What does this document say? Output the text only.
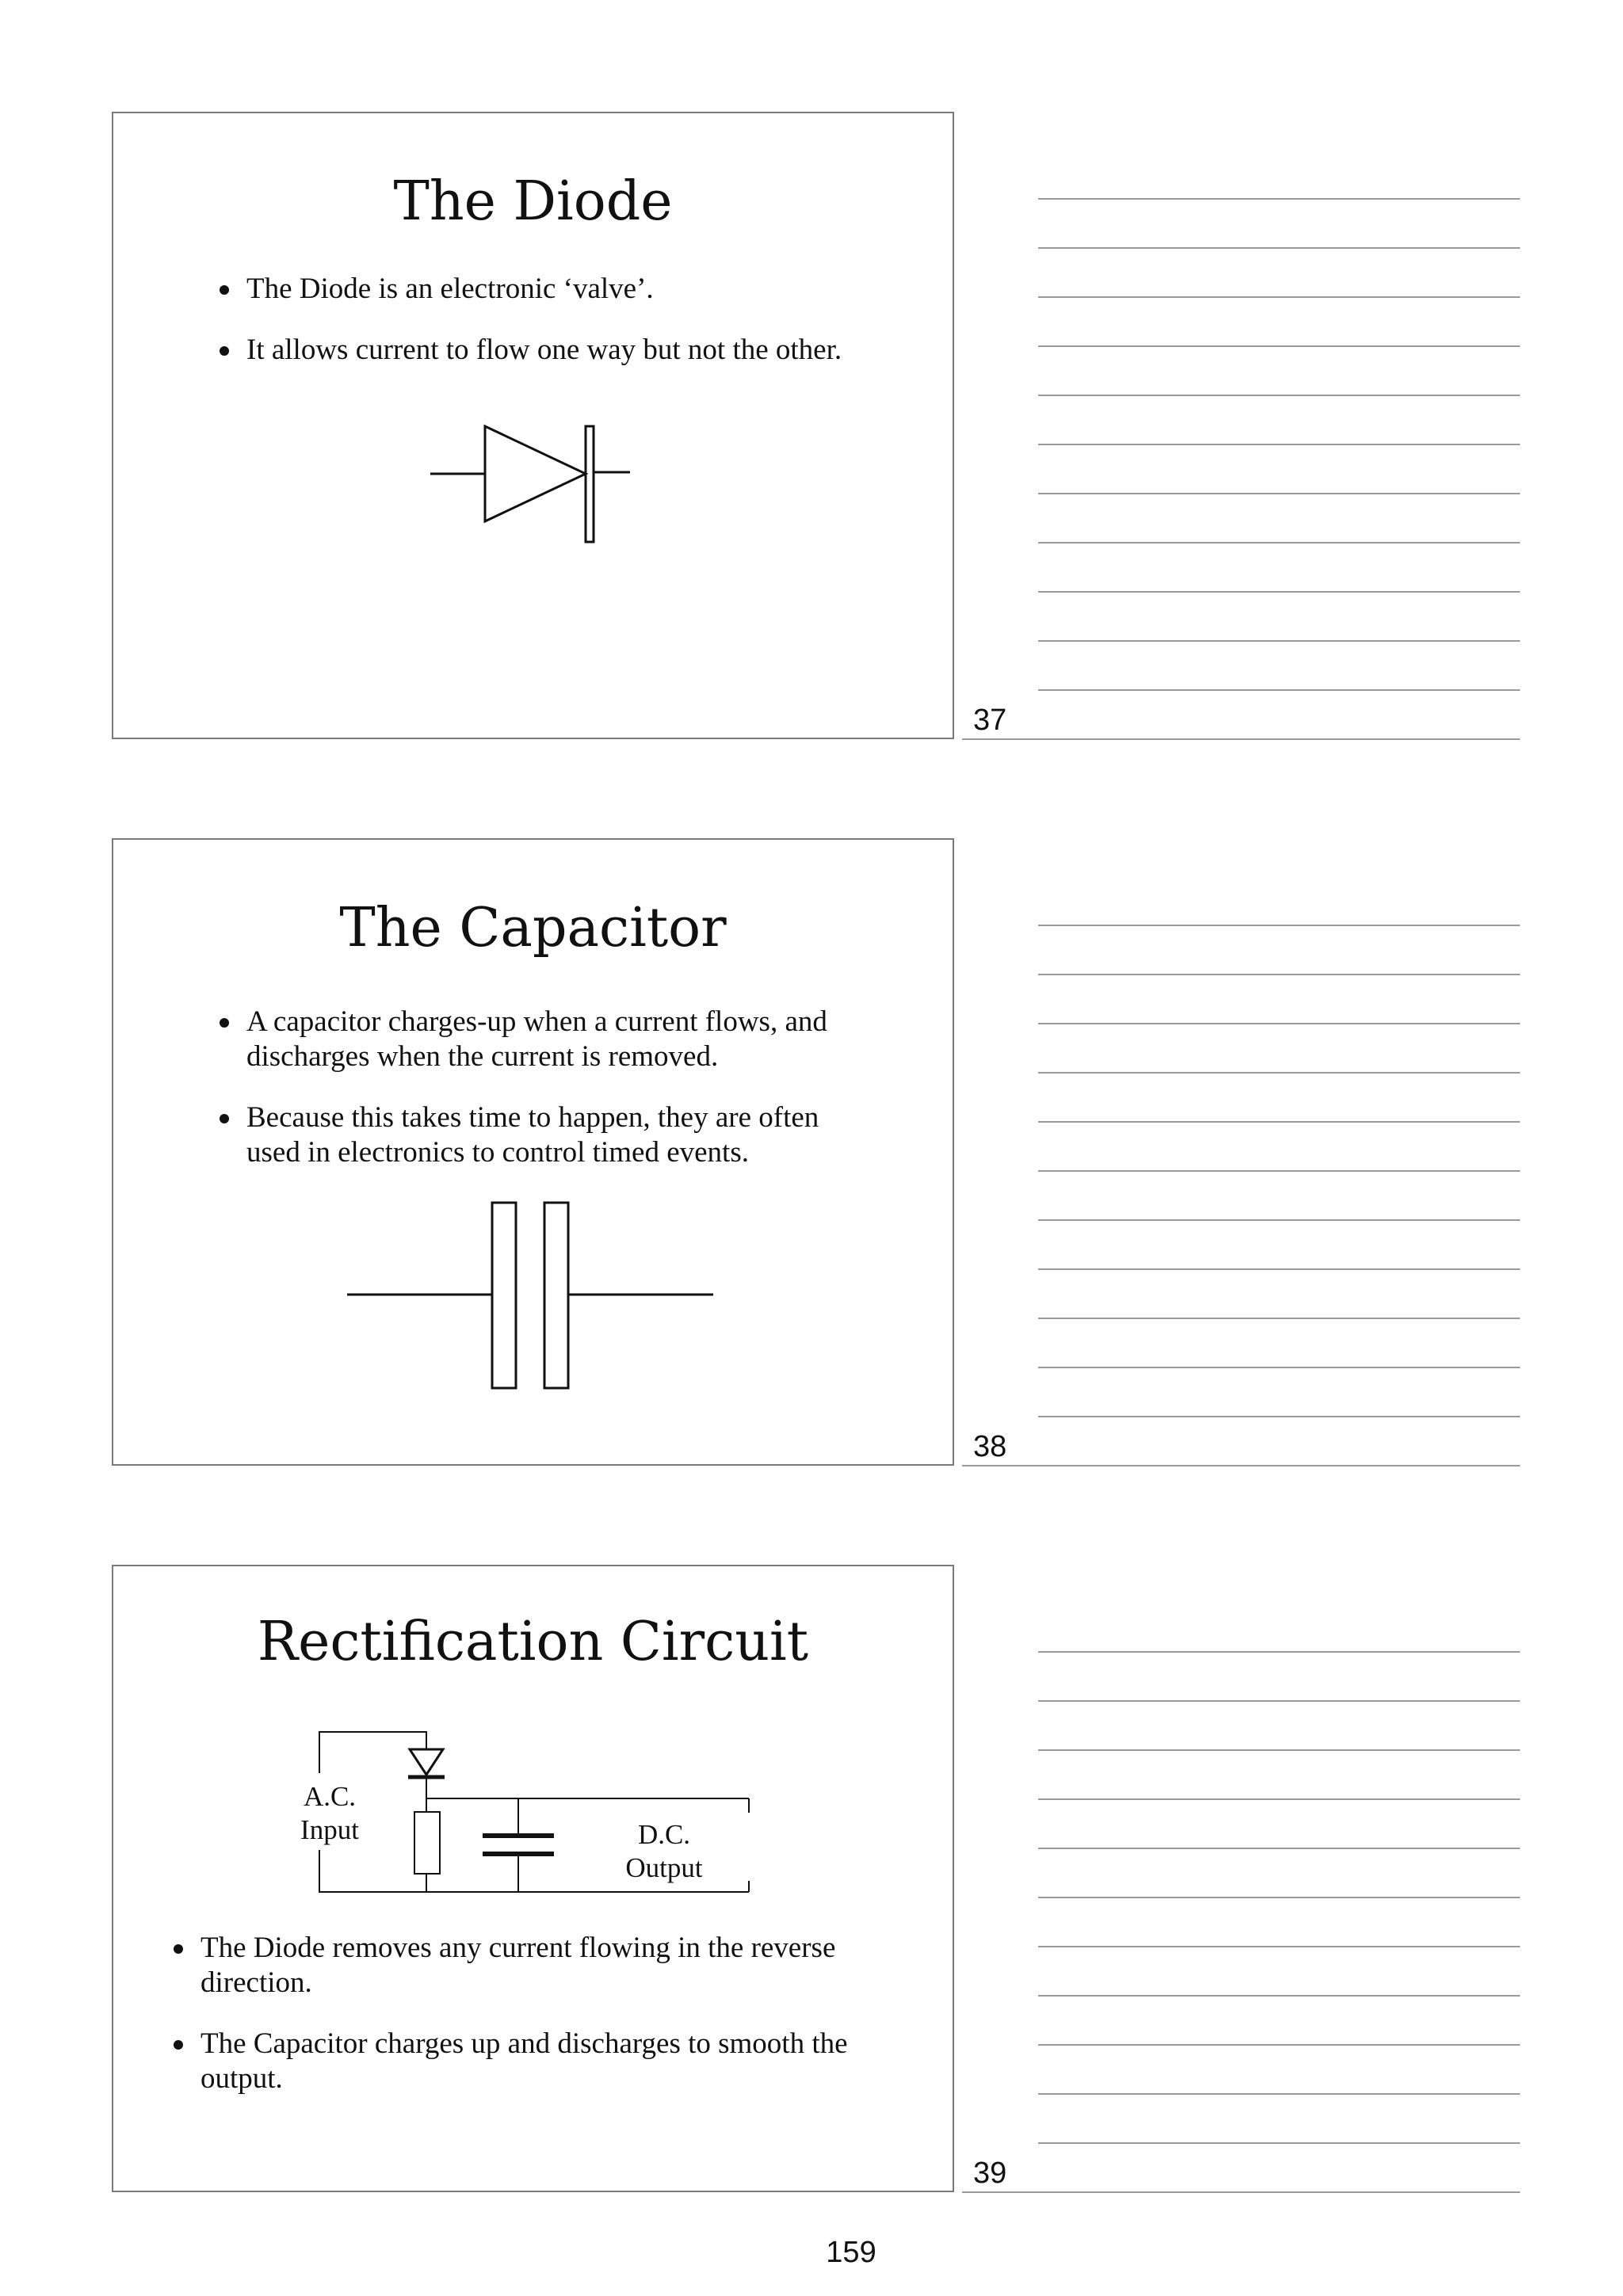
The Diode
The Diode is an electronic ‘valve’.
It allows current to flow one way but not the other.
37
The Capacitor
A capacitor charges-up when a current flows, and discharges when the current is removed.
Because this takes time to happen, they are often used in electronics to control timed events.
38
Rectification Circuit
A.C.
Input	D.C.
Output
The Diode removes any current flowing in the reverse direction.
The Capacitor charges up and discharges to smooth the output.
39
159
